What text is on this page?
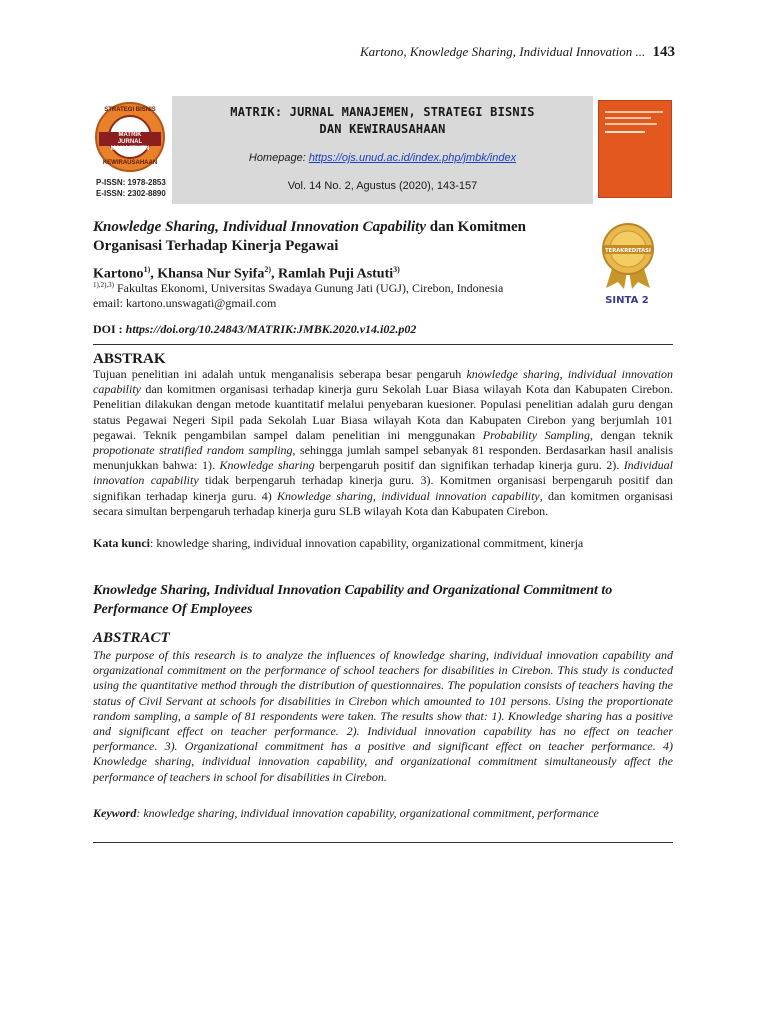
Kartono, Knowledge Sharing, Individual Innovation ... 143
STRATEGI BISNIS
MATRIK
JURNAL MANAJEMEN
KEWIRAUSAHAAN
P-ISSN: 1978-2853
E-ISSN: 2302-8890
MATRIK: JURNAL MANAJEMEN, STRATEGI BISNIS
DAN KEWIRAUSAHAAN
Homepage: https://ojs.unud.ac.id/index.php/jmbk/index
Vol. 14 No. 2, Agustus (2020), 143-157
Knowledge Sharing, Individual Innovation Capability dan Komitmen Organisasi Terhadap Kinerja Pegawai
Kartono$^{1)}$, Khansa Nur Syifa$^{2)}$, Ramlah Puji Astuti$^{3)}$
$^{1),2),3)}$ Fakultas Ekonomi, Universitas Swadaya Gunung Jati (UGJ), Cirebon, Indonesia
email: kartono.unswagati@gmail.com
TERAKREDITASI
SINTA 2
DOI : https://doi.org/10.24843/MATRIK:JMBK.2020.v14.i02.p02
ABSTRAK
Tujuan penelitian ini adalah untuk menganalisis seberapa besar pengaruh knowledge sharing, individual innovation capability dan komitmen organisasi terhadap kinerja guru Sekolah Luar Biasa wilayah Kota dan Kabupaten Cirebon. Penelitian dilakukan dengan metode kuantitatif melalui penyebaran kuesioner. Populasi penelitian adalah guru dengan status Pegawai Negeri Sipil pada Sekolah Luar Biasa wilayah Kota dan Kabupaten Cirebon yang berjumlah 101 pegawai. Teknik pengambilan sampel dalam penelitian ini menggunakan Probability Sampling, dengan teknik propotionate stratified random sampling, sehingga jumlah sampel sebanyak 81 responden. Berdasarkan hasil analisis menunjukkan bahwa: 1). Knowledge sharing berpengaruh positif dan signifikan terhadap kinerja guru. 2). Individual innovation capability tidak berpengaruh terhadap kinerja guru. 3). Komitmen organisasi berpengaruh positif dan signifikan terhadap kinerja guru. 4) Knowledge sharing, individual innovation capability, dan komitmen organisasi secara simultan berpengaruh terhadap kinerja guru SLB wilayah Kota dan Kabupaten Cirebon.
Kata kunci: knowledge sharing, individual innovation capability, organizational commitment, kinerja
Knowledge Sharing, Individual Innovation Capability and Organizational Commitment to Performance Of Employees
ABSTRACT
The purpose of this research is to analyze the influences of knowledge sharing, individual innovation capability and organizational commitment on the performance of school teachers for disabilities in Cirebon. This study is conducted using the quantitative method through the distribution of questionnaires. The population consists of teachers having the status of Civil Servant at schools for disabilities in Cirebon which amounted to 101 persons. Using the proportionate random sampling, a sample of 81 respondents were taken. The results show that: 1). Knowledge sharing has a positive and significant effect on teacher performance. 2). Individual innovation capability has no effect on teacher performance. 3). Organizational commitment has a positive and significant effect on teacher performance. 4) Knowledge sharing, individual innovation capability, and organizational commitment simultaneously affect the performance of teachers in school for disabilities in Cirebon.
Keyword: knowledge sharing, individual innovation capability, organizational commitment, performance
